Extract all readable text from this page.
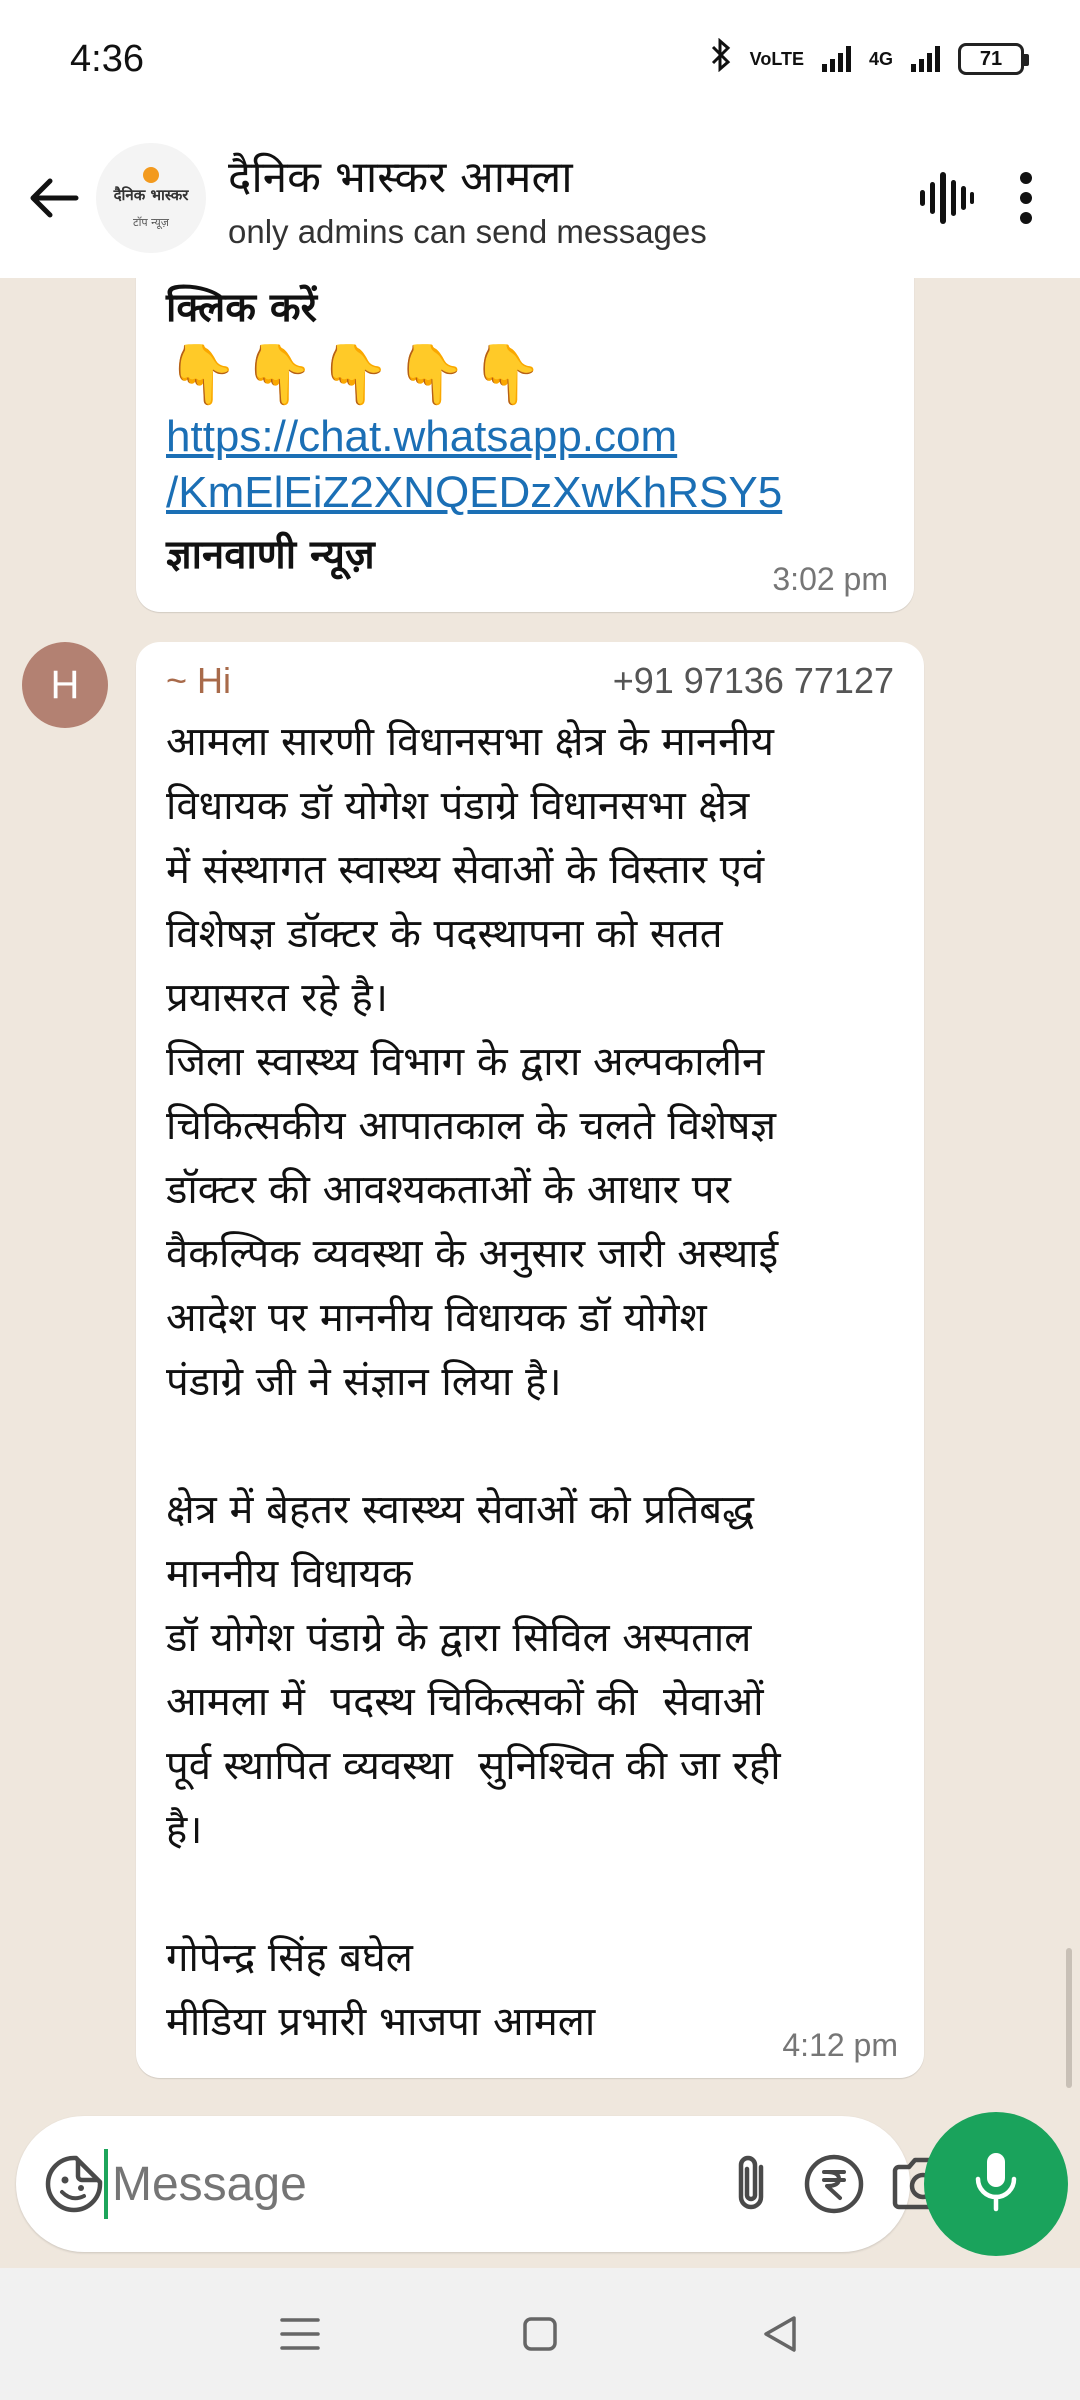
4:36	VoLTE	4G	71
दैनिक भास्कर
टॉप न्यूज़
दैनिक भास्कर आमला
only admins can send messages
क्लिक करें
👇👇👇👇👇
https://chat.whatsapp.com
/KmElEiZ2XNQEDzXwKhRSY5
ज्ञानवाणी न्यूज़
3:02 pm
H	~ Hi	+91 97136 77127
आमला सारणी विधानसभा क्षेत्र के माननीय
विधायक डॉ योगेश पंडाग्रे विधानसभा क्षेत्र
में संस्थागत स्वास्थ्य सेवाओं के विस्तार एवं
विशेषज्ञ डॉक्टर के पदस्थापना को सतत
प्रयासरत रहे है।
जिला स्वास्थ्य विभाग के द्वारा अल्पकालीन
चिकित्सकीय आपातकाल के चलते विशेषज्ञ
डॉक्टर की आवश्यकताओं के आधार पर
वैकल्पिक व्यवस्था के अनुसार जारी अस्थाई
आदेश पर माननीय विधायक डॉ योगेश
पंडाग्रे जी ने संज्ञान लिया है।

क्षेत्र में बेहतर स्वास्थ्य सेवाओं को प्रतिबद्ध
माननीय विधायक
डॉ योगेश पंडाग्रे के द्वारा सिविल अस्पताल
आमला में  पदस्थ चिकित्सकों की  सेवाओं
पूर्व स्थापित व्यवस्था  सुनिश्चित की जा रही
है।

गोपेन्द्र सिंह बघेल
मीडिया प्रभारी भाजपा आमला	4:12 pm
Message
